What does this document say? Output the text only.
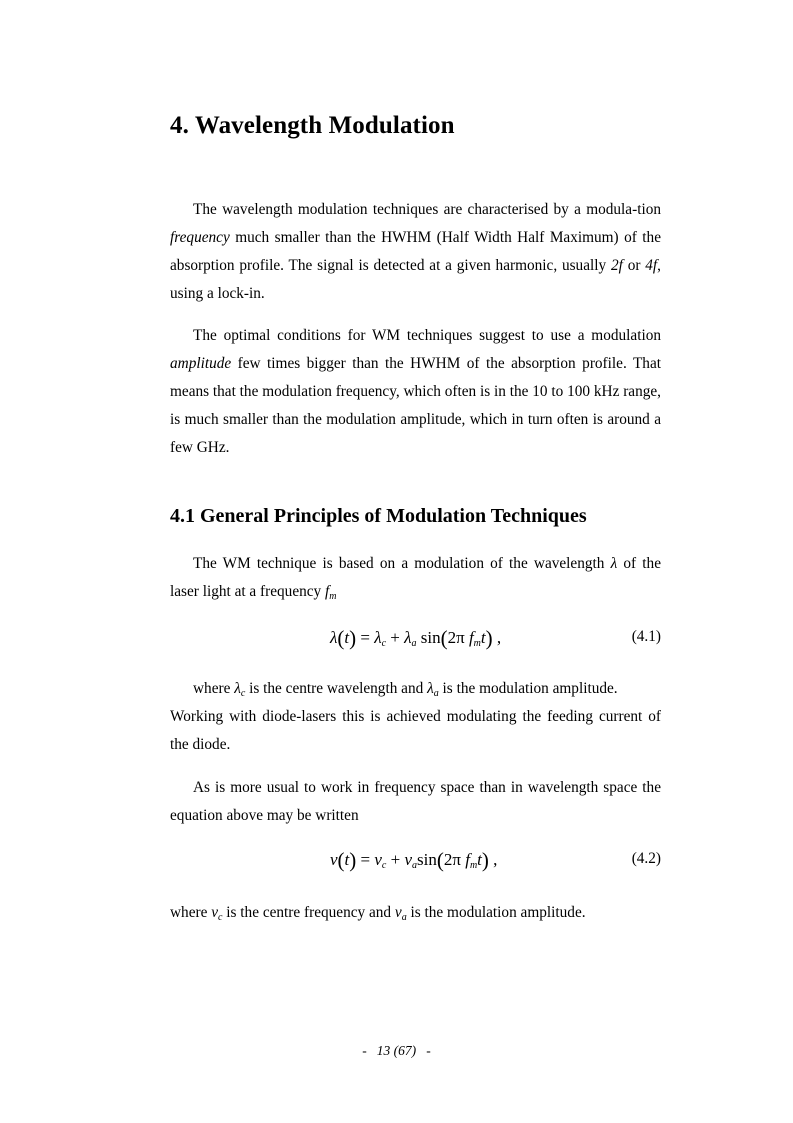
4. Wavelength Modulation

The wavelength modulation techniques are characterised by a modula-tion frequency much smaller than the HWHM (Half Width Half Maximum) of the absorption profile. The signal is detected at a given harmonic, usually 2f or 4f, using a lock-in.

The optimal conditions for WM techniques suggest to use a modulation amplitude few times bigger than the HWHM of the absorption profile. That means that the modulation frequency, which often is in the 10 to 100 kHz range, is much smaller than the modulation amplitude, which in turn often is around a few GHz.

4.1 General Principles of Modulation Techniques

The WM technique is based on a modulation of the wavelength λ of the laser light at a frequency $f_m$

$\lambda(t) = \lambda_c + \lambda_a$ sin(2π $f_mt$) ,	(4.1)

where $\lambda_c$ is the centre wavelength and $\lambda_a$ is the modulation amplitude.

Working with diode-lasers this is achieved modulating the feeding current of the diode.

As is more usual to work in frequency space than in wavelength space the equation above may be written

$\nu(t) = \nu_c + \nu_a\sin(2\pi$ $f_mt$) ,	(4.2)

where $\nu_c$ is the centre frequency and $\nu_a$ is the modulation amplitude.

-   13 (67)   -
